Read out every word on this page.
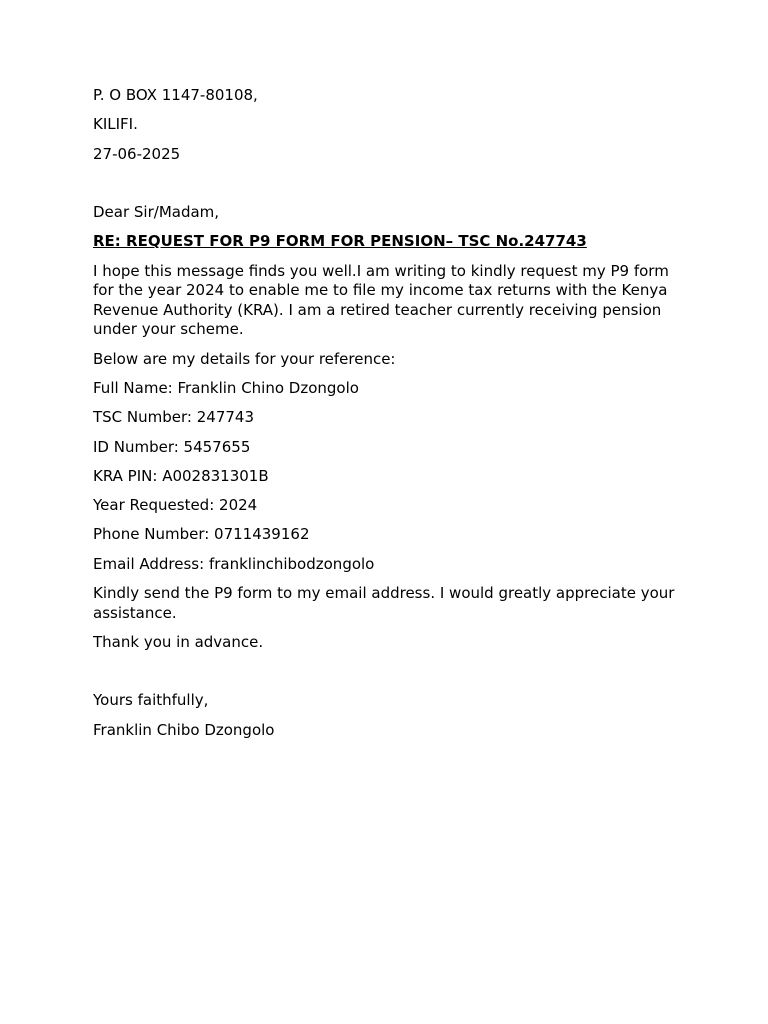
P. O BOX 1147-80108,
KILIFI.
27-06-2025
Dear Sir/Madam,
RE: REQUEST FOR P9 FORM FOR PENSION– TSC No.247743
I hope this message finds you well.I am writing to kindly request my P9 form for the year 2024 to enable me to file my income tax returns with the Kenya Revenue Authority (KRA). I am a retired teacher currently receiving pension under your scheme.
Below are my details for your reference:
Full Name: Franklin Chino Dzongolo
TSC Number: 247743
ID Number: 5457655
KRA PIN: A002831301B
Year Requested: 2024
Phone Number: 0711439162
Email Address: franklinchibodzongolo
Kindly send the P9 form to my email address. I would greatly appreciate your assistance.
Thank you in advance.
Yours faithfully,
Franklin Chibo Dzongolo
